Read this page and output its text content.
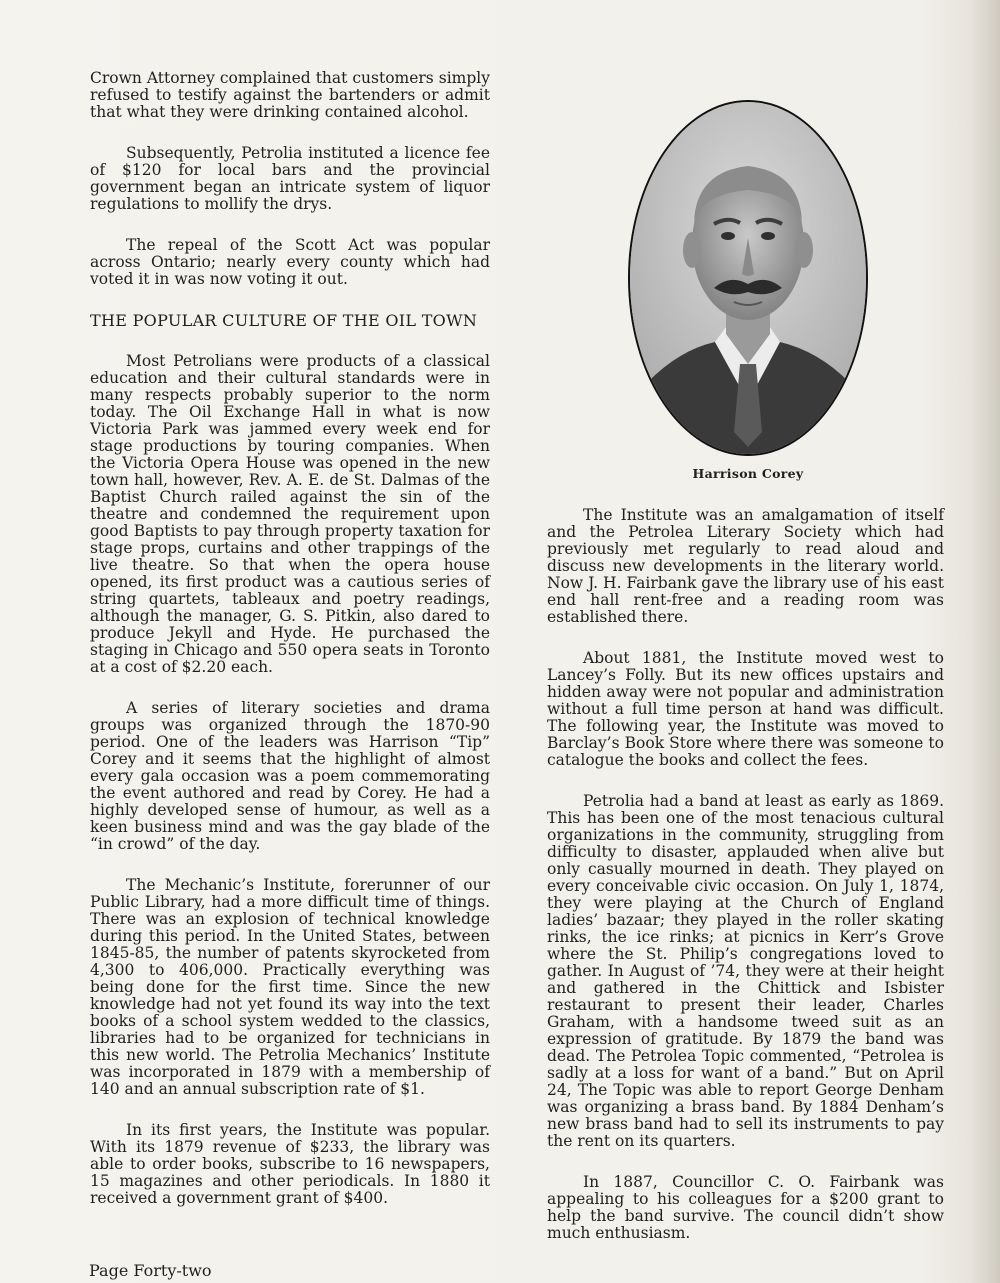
Crown Attorney complained that customers simply refused to testify against the bartenders or admit that what they were drinking contained alcohol.

Subsequently, Petrolia instituted a licence fee of $120 for local bars and the provincial government began an intricate system of liquor regulations to mollify the drys.

The repeal of the Scott Act was popular across Ontario; nearly every county which had voted it in was now voting it out.

THE POPULAR CULTURE OF THE OIL TOWN

Most Petrolians were products of a classical education and their cultural standards were in many respects probably superior to the norm today. The Oil Exchange Hall in what is now Victoria Park was jammed every week end for stage productions by touring companies. When the Victoria Opera House was opened in the new town hall, however, Rev. A. E. de St. Dalmas of the Baptist Church railed against the sin of the theatre and condemned the requirement upon good Baptists to pay through property taxation for stage props, curtains and other trappings of the live theatre. So that when the opera house opened, its first product was a cautious series of string quartets, tableaux and poetry readings, although the manager, G. S. Pitkin, also dared to produce Jekyll and Hyde. He purchased the staging in Chicago and 550 opera seats in Toronto at a cost of $2.20 each.

A series of literary societies and drama groups was organized through the 1870-90 period. One of the leaders was Harrison “Tip” Corey and it seems that the highlight of almost every gala occasion was a poem commemorating the event authored and read by Corey. He had a highly developed sense of humour, as well as a keen business mind and was the gay blade of the “in crowd” of the day.

The Mechanic’s Institute, forerunner of our Public Library, had a more difficult time of things. There was an explosion of technical knowledge during this period. In the United States, between 1845-85, the number of patents skyrocketed from 4,300 to 406,000. Practically everything was being done for the first time. Since the new knowledge had not yet found its way into the text books of a school system wedded to the classics, libraries had to be organized for technicians in this new world. The Petrolia Mechanics’ Institute was incorporated in 1879 with a membership of 140 and an annual subscription rate of $1.

In its first years, the Institute was popular. With its 1879 revenue of $233, the library was able to order books, subscribe to 16 newspapers, 15 magazines and other periodicals. In 1880 it received a government grant of $400.

Harrison Corey

The Institute was an amalgamation of itself and the Petrolea Literary Society which had previously met regularly to read aloud and discuss new developments in the literary world. Now J. H. Fairbank gave the library use of his east end hall rent-free and a reading room was established there.

About 1881, the Institute moved west to Lancey’s Folly. But its new offices upstairs and hidden away were not popular and administration without a full time person at hand was difficult. The following year, the Institute was moved to Barclay’s Book Store where there was someone to catalogue the books and collect the fees.

Petrolia had a band at least as early as 1869. This has been one of the most tenacious cultural organizations in the community, struggling from difficulty to disaster, applauded when alive but only casually mourned in death. They played on every conceivable civic occasion. On July 1, 1874, they were playing at the Church of England ladies’ bazaar; they played in the roller skating rinks, the ice rinks; at picnics in Kerr’s Grove where the St. Philip’s congregations loved to gather. In August of ’74, they were at their height and gathered in the Chittick and Isbister restaurant to present their leader, Charles Graham, with a handsome tweed suit as an expression of gratitude. By 1879 the band was dead. The Petrolea Topic commented, “Petrolea is sadly at a loss for want of a band.” But on April 24, The Topic was able to report George Denham was organizing a brass band. By 1884 Denham’s new brass band had to sell its instruments to pay the rent on its quarters.

In 1887, Councillor C. O. Fairbank was appealing to his colleagues for a $200 grant to help the band survive. The council didn’t show much enthusiasm.

Page Forty-two
